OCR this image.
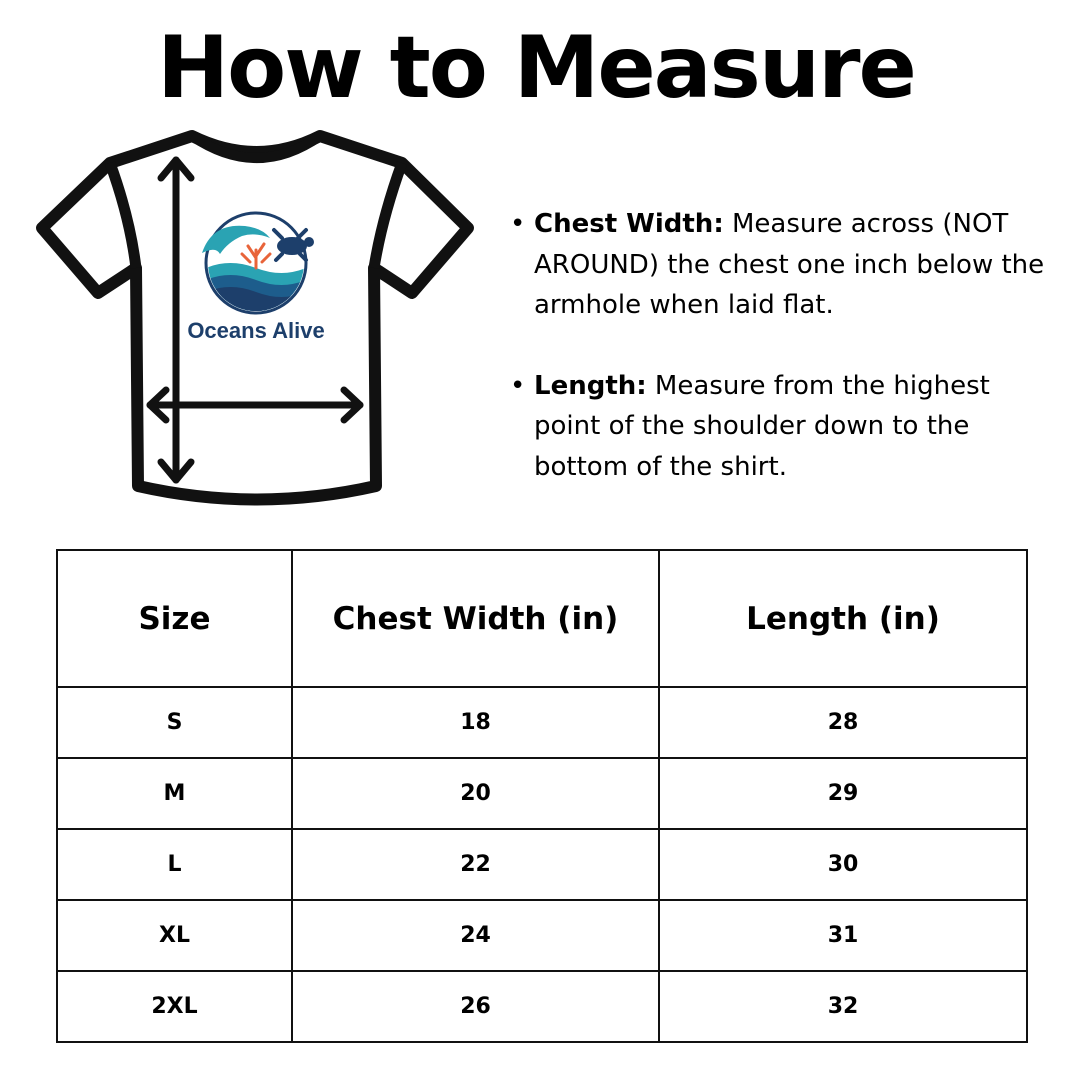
How to Measure
Oceans Alive
• Chest Width: Measure across (NOT AROUND) the chest one inch below the armhole when laid flat.
• Length: Measure from the highest point of the shoulder down to the bottom of the shirt.
Size	Chest Width (in)	Length (in)
S	18	28
M	20	29
L	22	30
XL	24	31
2XL	26	32
